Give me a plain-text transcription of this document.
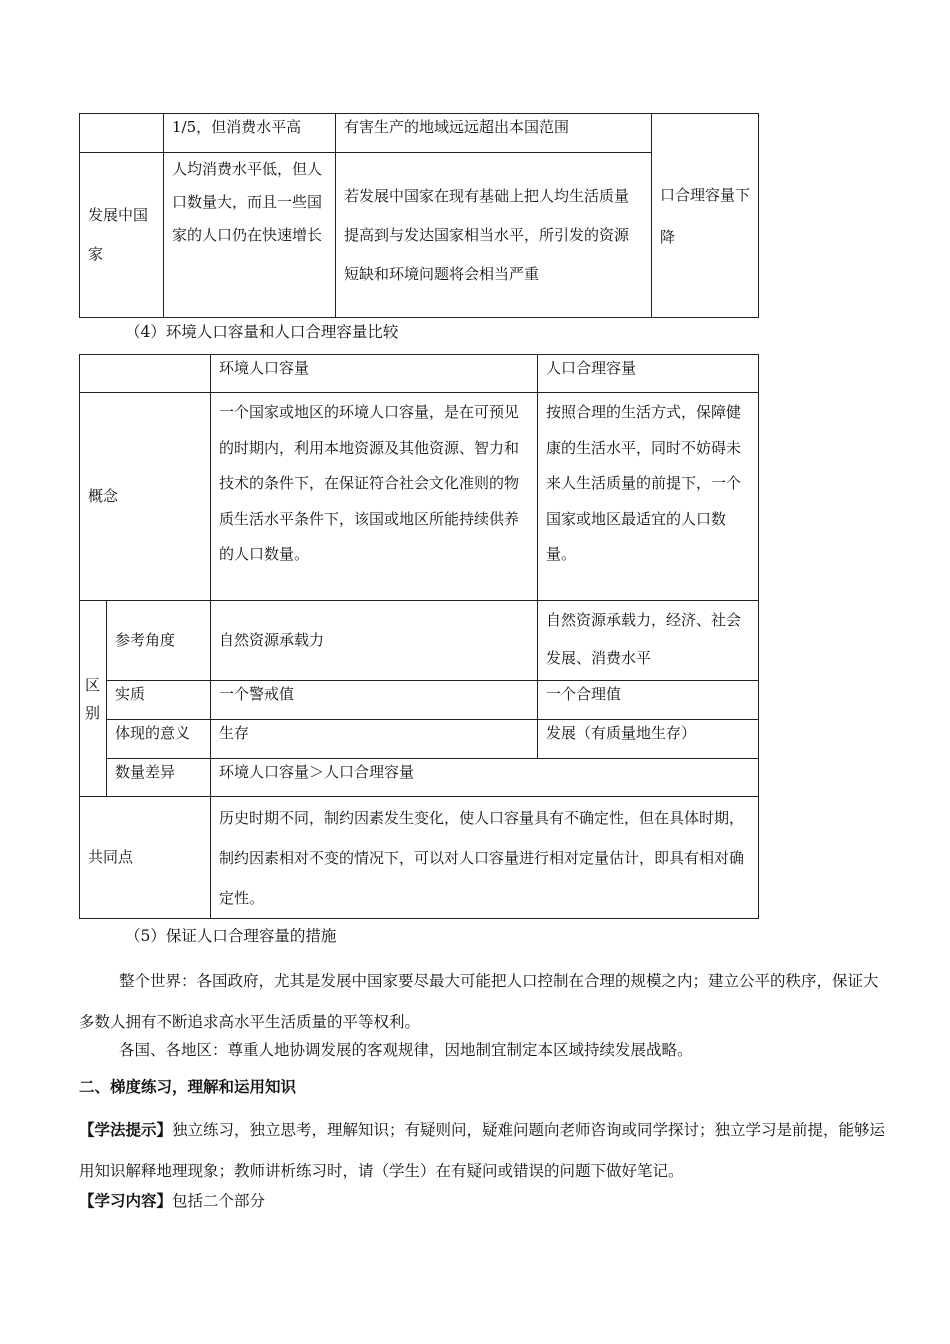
	1/5，但消费水平高	有害生产的地域远远超出本国范围	口合理容量下降
发展中国家	人均消费水平低，但人口数量大，而且一些国家的人口仍在快速增长	若发展中国家在现有基础上把人均生活质量提高到与发达国家相当水平，所引发的资源短缺和环境问题将会相当严重	
（4）环境人口容量和人口合理容量比较
		环境人口容量	人口合理容量
概念		一个国家或地区的环境人口容量，是在可预见的时期内，利用本地资源及其他资源、智力和技术的条件下，在保证符合社会文化准则的物质生活水平条件下，该国或地区所能持续供养的人口数量。	按照合理的生活方式，保障健康的生活水平，同时不妨碍未来人生活质量的前提下，一个国家或地区最适宜的人口数量。
区别	参考角度	自然资源承载力	自然资源承载力，经济、社会发展、消费水平
	实质	一个警戒值	一个合理值
	体现的意义	生存	发展（有质量地生存）
	数量差异	环境人口容量＞人口合理容量	
共同点		历史时期不同，制约因素发生变化，使人口容量具有不确定性，但在具体时期，制约因素相对不变的情况下，可以对人口容量进行相对定量估计，即具有相对确定性。	
（5）保证人口合理容量的措施
整个世界：各国政府，尤其是发展中国家要尽最大可能把人口控制在合理的规模之内；建立公平的秩序，保证大多数人拥有不断追求高水平生活质量的平等权利。
各国、各地区：尊重人地协调发展的客观规律，因地制宜制定本区域持续发展战略。
二、梯度练习，理解和运用知识
【学法提示】独立练习，独立思考，理解知识；有疑则问，疑难问题向老师咨询或同学探讨；独立学习是前提，能够运用知识解释地理现象；教师讲析练习时，请（学生）在有疑问或错误的问题下做好笔记。
【学习内容】包括二个部分
